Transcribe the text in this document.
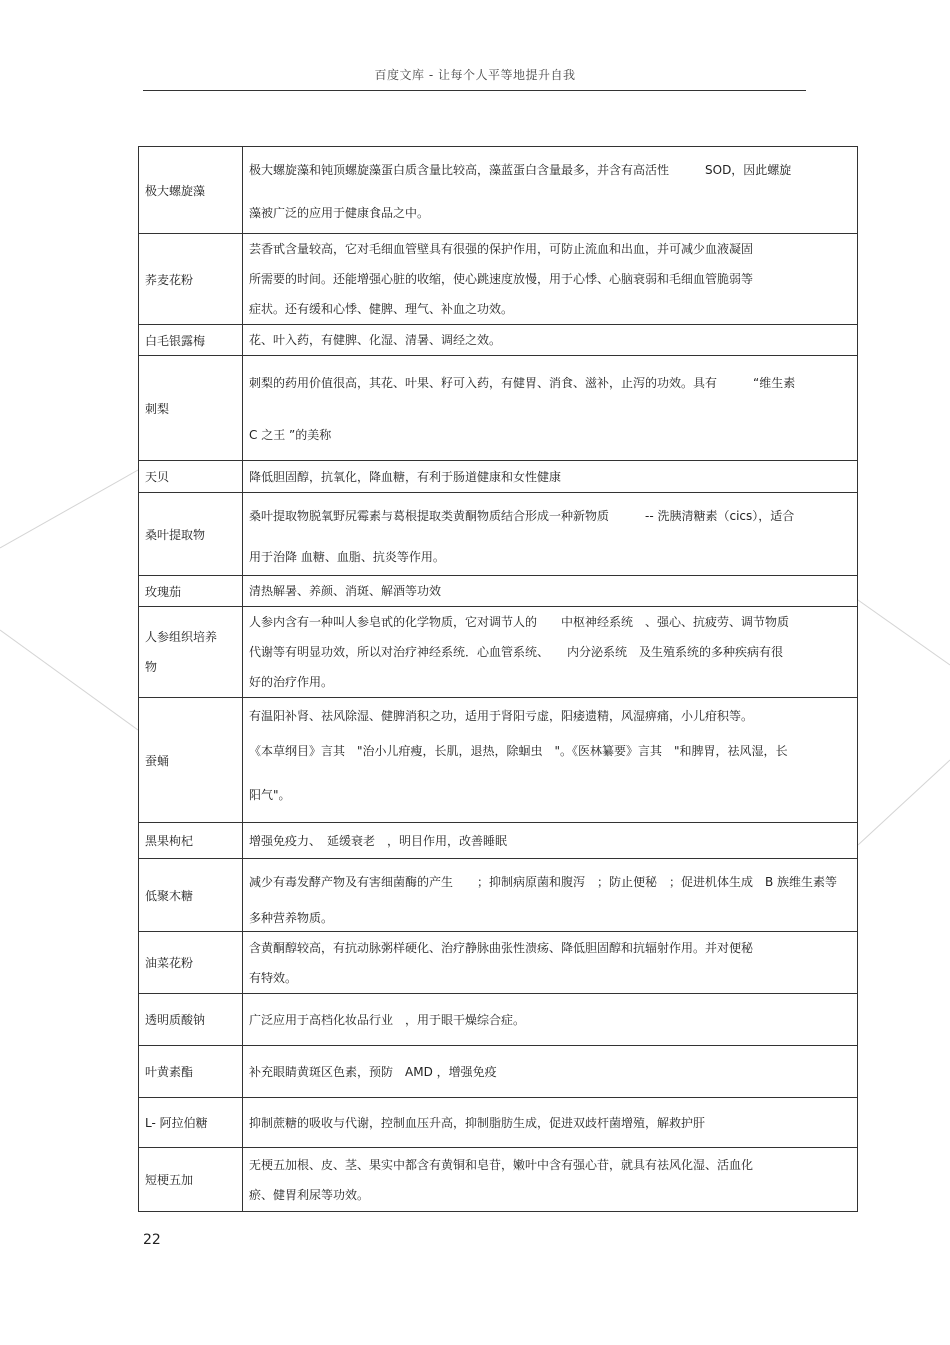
百度文库 - 让每个人平等地提升自我
极大螺旋藻	极大螺旋藻和钝顶螺旋藻蛋白质含量比较高，藻蓝蛋白含量最多，并含有高活性　　　SOD，因此螺旋
藻被广泛的应用于健康食品之中。

荞麦花粉	芸香甙含量较高，它对毛细血管壁具有很强的保护作用，可防止流血和出血，并可减少血液凝固
所需要的时间。还能增强心脏的收缩，使心跳速度放慢，用于心悸、心脑衰弱和毛细血管脆弱等
症状。还有缓和心悸、健脾、理气、补血之功效。

白毛银露梅	花、叶入药，有健脾、化湿、清暑、调经之效。

刺梨	刺梨的药用价值很高，其花、叶果、籽可入药，有健胃、消食、滋补，止泻的功效。具有　　　“维生素
C 之王 ”的美称

天贝	降低胆固醇，抗氧化，降血糖，有利于肠道健康和女性健康

桑叶提取物	桑叶提取物脱氧野尻霉素与葛根提取类黄酮物质结合形成一种新物质　　　-- 洗胰清糖素（cics），适合
用于治降 血糖、血脂、抗炎等作用。

玫瑰茄	清热解暑、养颜、消斑、解酒等功效

人参组织培养物	人参内含有一种叫人参皂甙的化学物质，它对调节人的　　中枢神经系统　、强心、抗疲劳、调节物质
代谢等有明显功效，所以对治疗神经系统．心血管系统、　　内分泌系统　及生殖系统的多种疾病有很
好的治疗作用。

蚕蛹	有温阳补肾、祛风除湿、健脾消积之功，适用于肾阳亏虚，阳痿遗精，风湿痹痛，小儿疳积等。
《本草纲目》言其　"治小儿疳瘦，长肌，退热，除蛔虫　"。《医林纂要》言其　"和脾胃，祛风湿，长
阳气"。

黑果枸杞	增强免疫力、　延缓衰老　，明目作用，改善睡眠

低聚木糖	减少有毒发酵产物及有害细菌酶的产生　　；抑制病原菌和腹泻　；防止便秘　；促进机体生成　B 族维生素等
多种营养物质。

油菜花粉	含黄酮醇较高，有抗动脉粥样硬化、治疗静脉曲张性溃疡、降低胆固醇和抗辐射作用。并对便秘
有特效。

透明质酸钠	广泛应用于高档化妆品行业　，用于眼干燥综合症。

叶黄素酯	补充眼睛黄斑区色素，预防　AMD ，增强免疫

L- 阿拉伯糖	抑制蔗糖的吸收与代谢，控制血压升高，抑制脂肪生成，促进双歧杆菌增殖，解救护肝

短梗五加	无梗五加根、皮、茎、果实中都含有黄铜和皂苷，嫩叶中含有强心苷，就具有祛风化湿、活血化
瘀、健胃利尿等功效。
22
